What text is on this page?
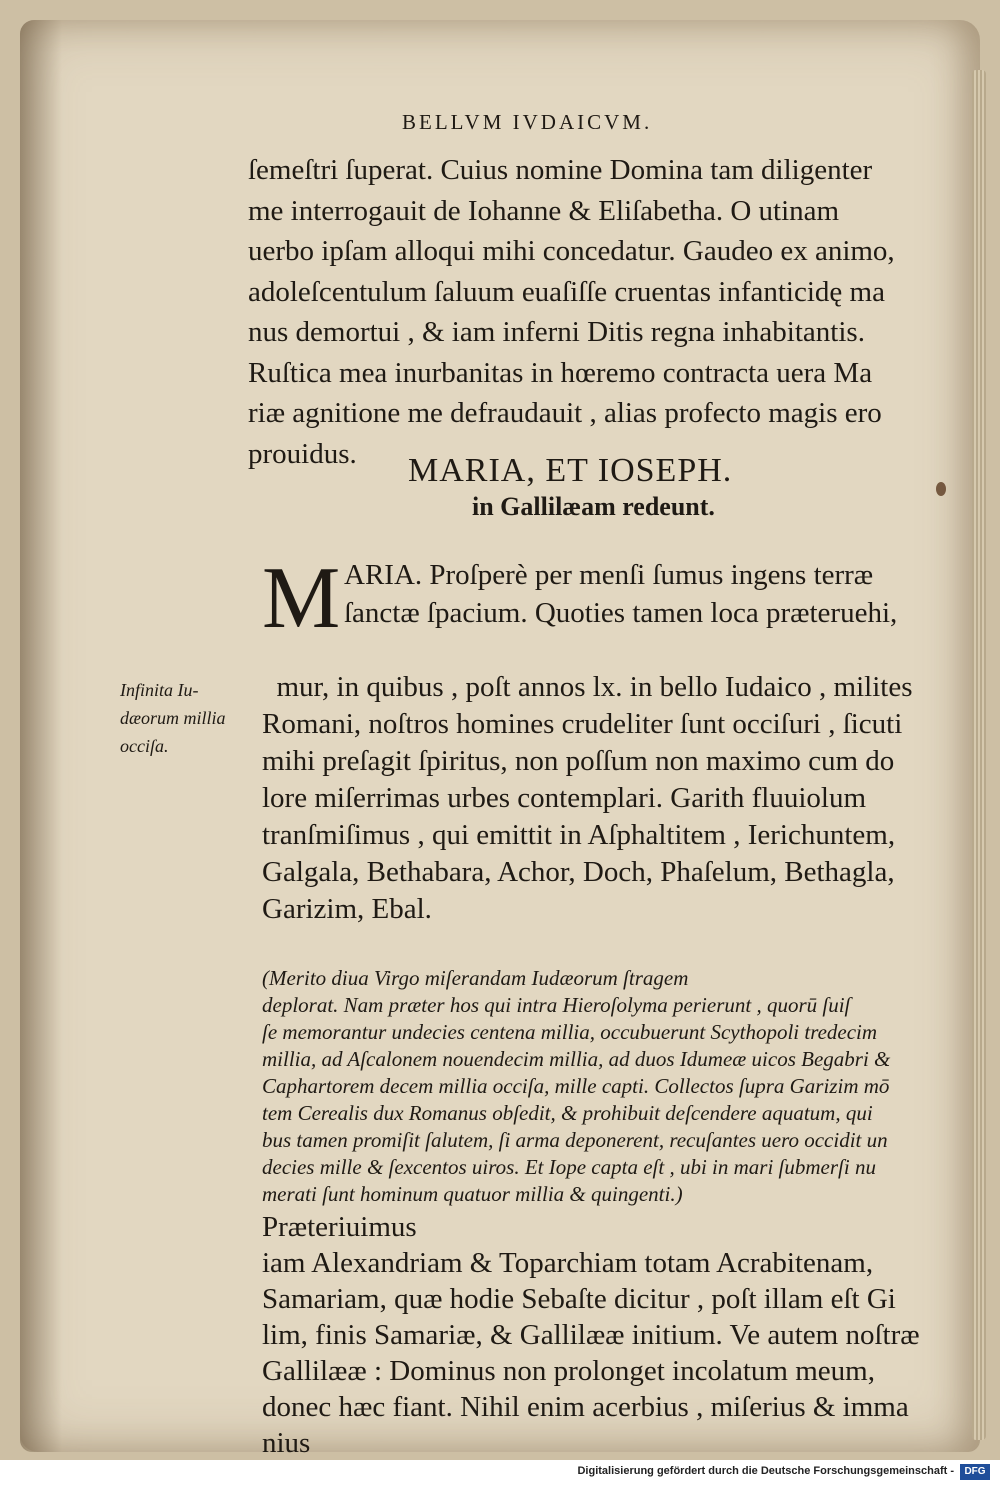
BELLVM IVDAICVM.
ſemeſtri ſuperat. Cuius nomine Domina tam diligenter
me interrogauit de Iohanne & Eliſabetha. O utinam
uerbo ipſam alloqui mihi concedatur. Gaudeo ex animo,
adoleſcentulum ſaluum euaſiſſe cruentas infanticidę ma
nus demortui , & iam inferni Ditis regna inhabitantis.
Ruſtica mea inurbanitas in hœremo contracta uera Ma
riæ agnitione me defraudauit , alias profecto magis ero
prouidus.	MARIA, ET IOSEPH.
in Gallilæam redeunt.
M ARIA. Proſperè per menſi ſumus ingens terræ
ſanctæ ſpacium. Quoties tamen loca præteruehi,

mur, in quibus , poſt annos lx. in bello Iudaico , milites
Romani, noſtros homines crudeliter ſunt occiſuri , ſicuti
mihi preſagit ſpiritus, non poſſum non maximo cum do
lore miſerrimas urbes contemplari. Garith fluuiolum
tranſmiſimus , qui emittit in Aſphaltitem , Ierichuntem,
Galgala, Bethabara, Achor, Doch, Phaſelum, Bethagla,
Garizim, Ebal.

(Merito diua Virgo miſerandam Iudæorum ſtragem
deplorat. Nam præter hos qui intra Hieroſolyma perierunt , quorū ſuiſ
ſe memorantur undecies centena millia, occubuerunt Scythopoli tredecim
millia, ad Aſcalonem nouendecim millia, ad duos Idumeæ uicos Begabri &
Caphartorem decem millia occiſa, mille capti. Collectos ſupra Garizim mō
tem Cerealis dux Romanus obſedit, & prohibuit deſcendere aquatum, qui
bus tamen promiſit ſalutem, ſi arma deponerent, recuſantes uero occidit un
decies mille & ſexcentos uiros. Et Iope capta eſt , ubi in mari ſubmerſi nu
merati ſunt hominum quatuor millia & quingenti.)

Infinita Iu-
dæorum millia
occiſa.
Præteriuimus
iam Alexandriam & Toparchiam totam Acrabitenam,
Samariam, quæ hodie Sebaſte dicitur , poſt illam eſt Gi
lim, finis Samariæ, & Gallilææ initium. Ve autem noſtræ
Gallilææ : Dominus non prolonget incolatum meum,
donec hæc fiant. Nihil enim acerbius , miſerius & imma
nius
Digitalisierung gefördert durch die Deutsche Forschungsgemeinschaft -	DFG
